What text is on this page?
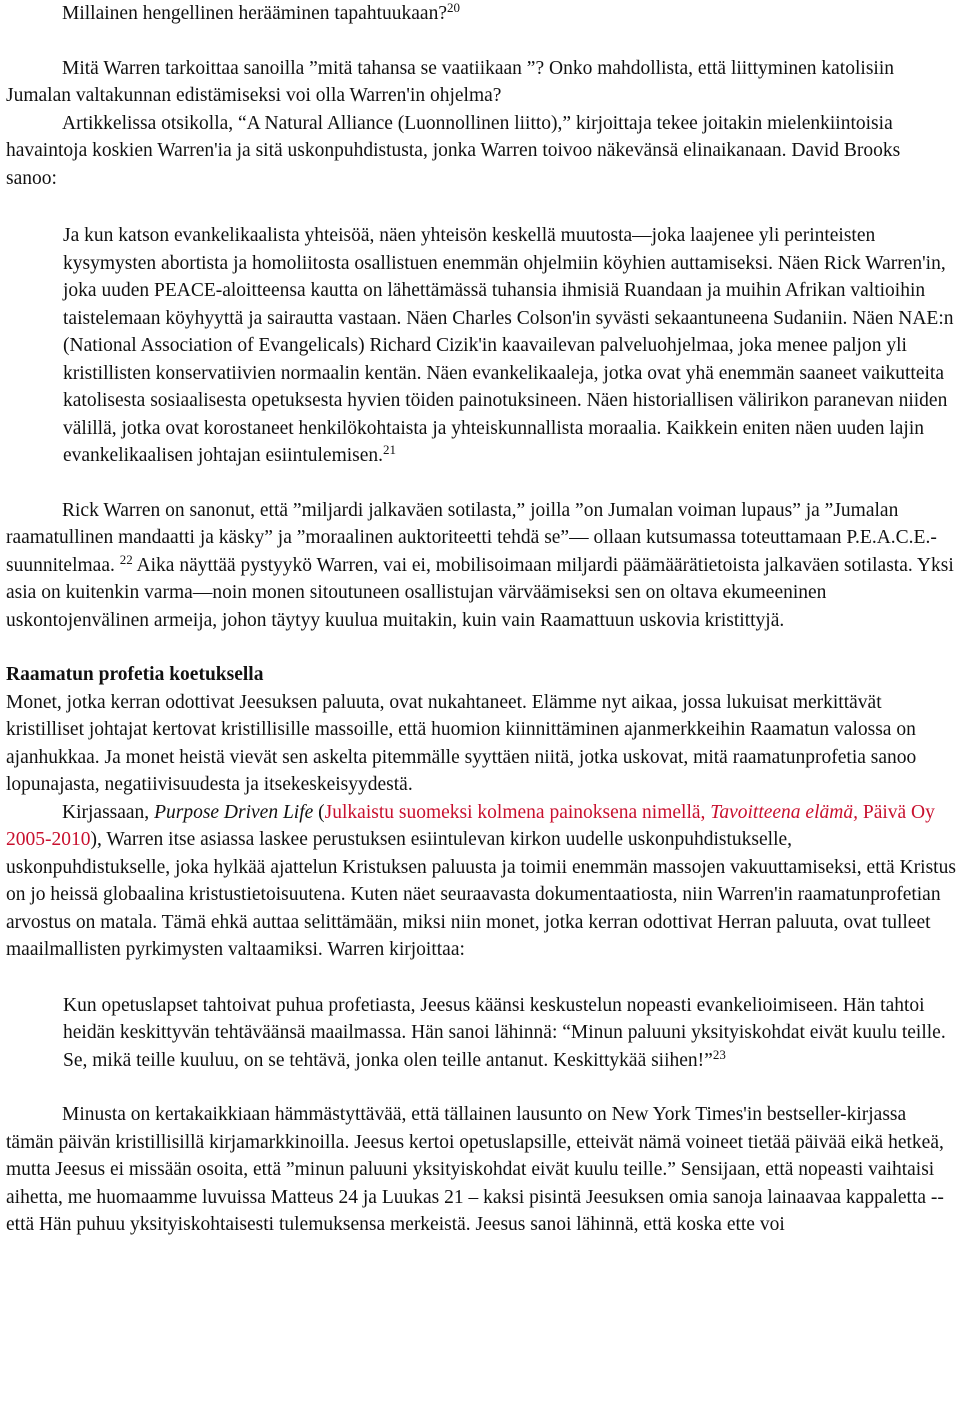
Millainen hengellinen herääminen tapahtuukaan?$^{20}$

Mitä Warren tarkoittaa sanoilla ”mitä tahansa se vaatiikaan ”? Onko mahdollista, että liittyminen katolisiin Jumalan valtakunnan edistämiseksi voi olla Warren'in ohjelma?

Artikkelissa otsikolla, “A Natural Alliance (Luonnollinen liitto),” kirjoittaja tekee joitakin mielenkiintoisia havaintoja koskien Warren'ia ja sitä uskonpuhdistusta, jonka Warren toivoo näkevänsä elinaikanaan. David Brooks sanoo:

Ja kun katson evankelikaalista yhteisöä, näen yhteisön keskellä muutosta—joka laajenee yli perinteisten kysymysten abortista ja homoliitosta osallistuen enemmän ohjelmiin köyhien auttamiseksi. Näen Rick Warren'in, joka uuden PEACE-aloitteensa kautta on lähettämässä tuhansia ihmisiä Ruandaan ja muihin Afrikan valtioihin taistelemaan köyhyyttä ja sairautta vastaan. Näen Charles Colson'in syvästi sekaantuneena Sudaniin. Näen NAE:n (National Association of Evangelicals) Richard Cizik'in kaavailevan palveluohjelmaa, joka menee paljon yli kristillisten konservatiivien normaalin kentän. Näen evankelikaaleja, jotka ovat yhä enemmän saaneet vaikutteita katolisesta sosiaalisesta opetuksesta hyvien töiden painotuksineen. Näen historiallisen välirikon paranevan niiden välillä, jotka ovat korostaneet henkilökohtaista ja yhteiskunnallista moraalia. Kaikkein eniten näen uuden lajin evankelikaalisen johtajan esiintulemisen.$^{21}$

Rick Warren on sanonut, että ”miljardi jalkaväen sotilasta,” joilla ”on Jumalan voiman lupaus” ja ”Jumalan raamatullinen mandaatti ja käsky” ja ”moraalinen auktoriteetti tehdä se”— ollaan kutsumassa toteuttamaan P.E.A.C.E.-suunnitelmaa. $^{22}$ Aika näyttää pystyykö Warren, vai ei, mobilisoimaan miljardi päämäärätietoista jalkaväen sotilasta. Yksi asia on kuitenkin varma—noin monen sitoutuneen osallistujan värväämiseksi sen on oltava ekumeeninen uskontojenvälinen armeija, johon täytyy kuulua muitakin, kuin vain Raamattuun uskovia kristittyjä.

Raamatun profetia koetuksella

Monet, jotka kerran odottivat Jeesuksen paluuta, ovat nukahtaneet. Elämme nyt aikaa, jossa lukuisat merkittävät kristilliset johtajat kertovat kristillisille massoille, että huomion kiinnittäminen ajanmerkkeihin Raamatun valossa on ajanhukkaa. Ja monet heistä vievät sen askelta pitemmälle syyttäen niitä, jotka uskovat, mitä raamatunprofetia sanoo lopunajasta, negatiivisuudesta ja itsekeskeisyydestä.

Kirjassaan, Purpose Driven Life (Julkaistu suomeksi kolmena painoksena nimellä, Tavoitteena elämä, Päivä Oy 2005-2010), Warren itse asiassa laskee perustuksen esiintulevan kirkon uudelle uskonpuhdistukselle, uskonpuhdistukselle, joka hylkää ajattelun Kristuksen paluusta ja toimii enemmän massojen vakuuttamiseksi, että Kristus on jo heissä globaalina kristustietoisuutena. Kuten näet seuraavasta dokumentaatiosta, niin Warren'in raamatunprofetian arvostus on matala. Tämä ehkä auttaa selittämään, miksi niin monet, jotka kerran odottivat Herran paluuta, ovat tulleet maailmallisten pyrkimysten valtaamiksi. Warren kirjoittaa:

Kun opetuslapset tahtoivat puhua profetiasta, Jeesus käänsi keskustelun nopeasti evankelioimiseen. Hän tahtoi heidän keskittyvän tehtäväänsä maailmassa. Hän sanoi lähinnä: “Minun paluuni yksityiskohdat eivät kuulu teille. Se, mikä teille kuuluu, on se tehtävä, jonka olen teille antanut. Keskittykää siihen!”$^{23}$

Minusta on kertakaikkiaan hämmästyttävää, että tällainen lausunto on New York Times'in bestseller-kirjassa tämän päivän kristillisillä kirjamarkkinoilla. Jeesus kertoi opetuslapsille, etteivät nämä voineet tietää päivää eikä hetkeä, mutta Jeesus ei missään osoita, että ”minun paluuni yksityiskohdat eivät kuulu teille.” Sensijaan, että nopeasti vaihtaisi aihetta, me huomaamme luvuissa Matteus 24 ja Luukas 21 – kaksi pisintä Jeesuksen omia sanoja lainaavaa kappaletta -- että Hän puhuu yksityiskohtaisesti tulemuksensa merkeistä. Jeesus sanoi lähinnä, että koska ette voi
